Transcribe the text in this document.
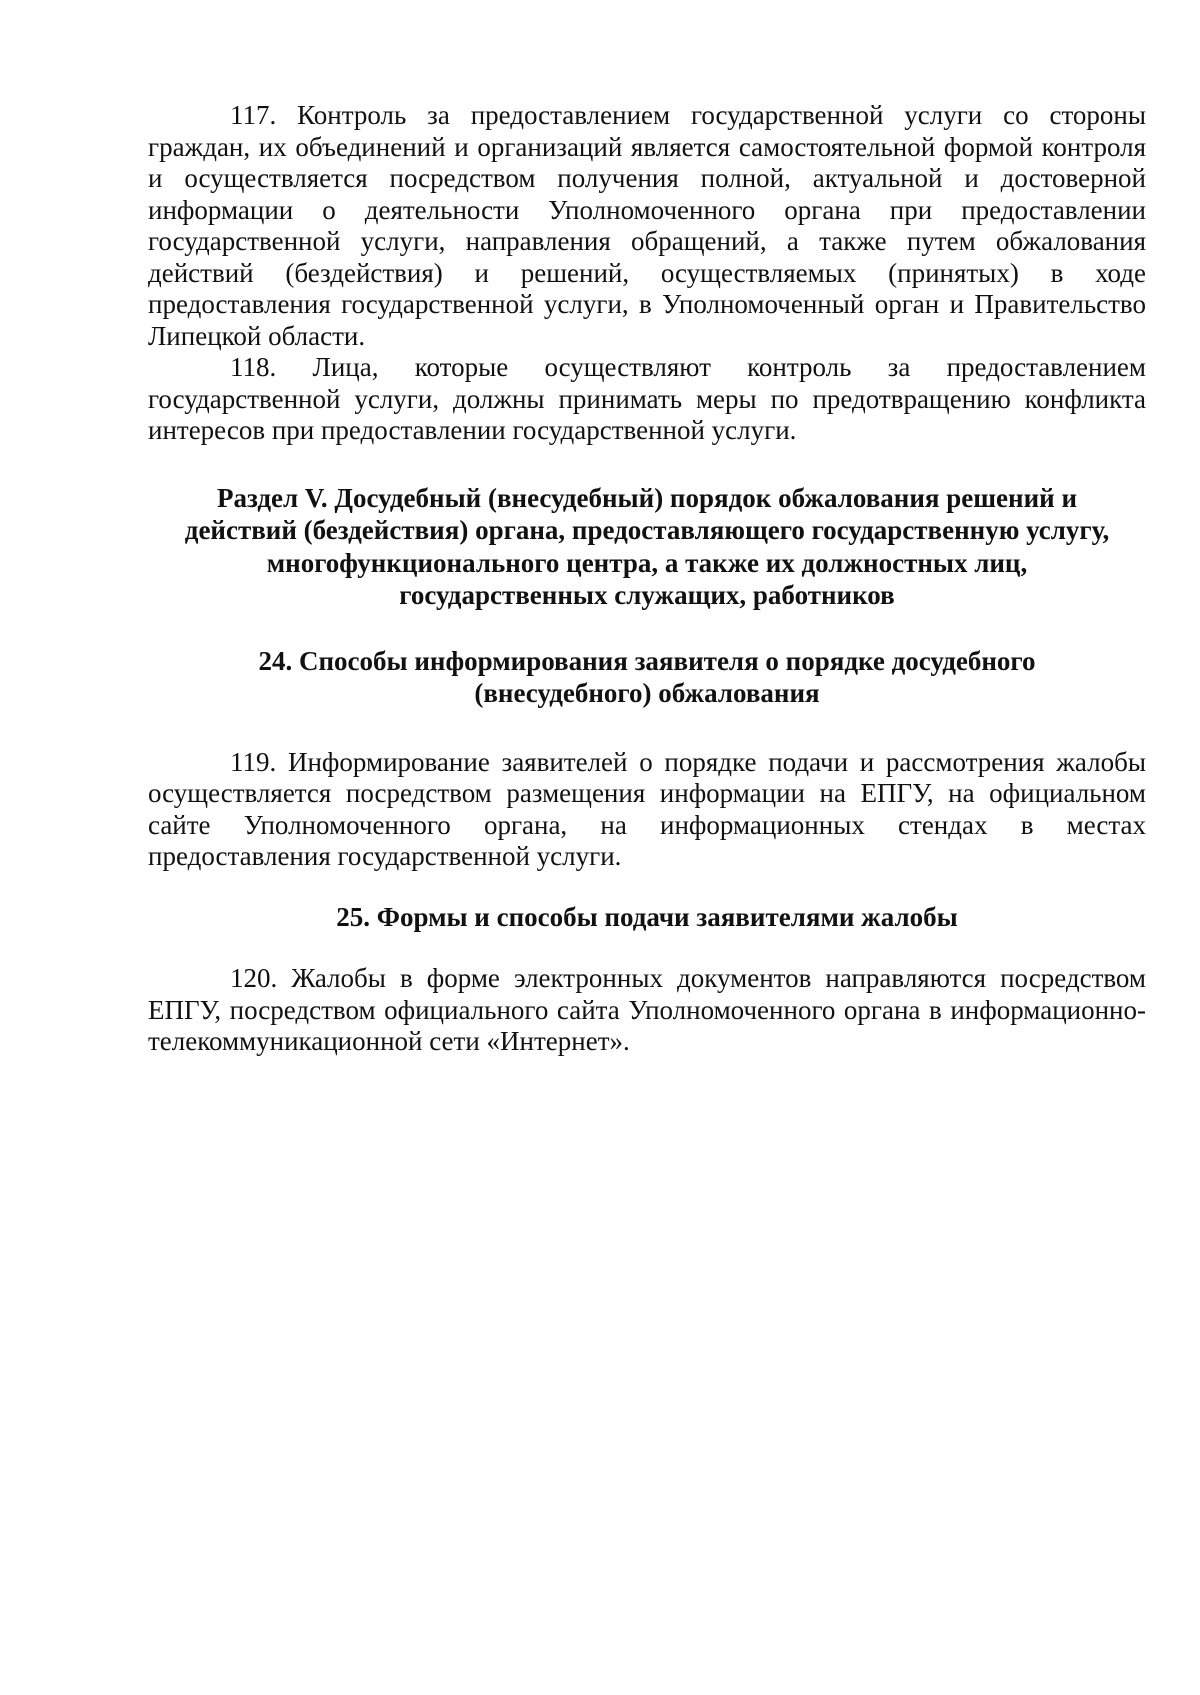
117. Контроль за предоставлением государственной услуги со стороны граждан, их объединений и организаций является самостоятельной формой контроля и осуществляется посредством получения полной, актуальной и достоверной информации о деятельности Уполномоченного органа при предоставлении государственной услуги, направления обращений, а также путем обжалования действий (бездействия) и решений, осуществляемых (принятых) в ходе предоставления государственной услуги, в Уполномоченный орган и Правительство Липецкой области.

118. Лица, которые осуществляют контроль за предоставлением государственной услуги, должны принимать меры по предотвращению конфликта интересов при предоставлении государственной услуги.

Раздел V. Досудебный (внесудебный) порядок обжалования решений и
действий (бездействия) органа, предоставляющего государственную услугу,
многофункционального центра, а также их должностных лиц,
государственных служащих, работников
24. Способы информирования заявителя о порядке досудебного
(внесудебного) обжалования

119. Информирование заявителей о порядке подачи и рассмотрения жалобы осуществляется посредством размещения информации на ЕПГУ, на официальном сайте Уполномоченного органа, на информационных стендах в местах предоставления государственной услуги.

25. Формы и способы подачи заявителями жалобы

120. Жалобы в форме электронных документов направляются посредством ЕПГУ, посредством официального сайта Уполномоченного органа в информационно-телекоммуникационной сети «Интернет».
